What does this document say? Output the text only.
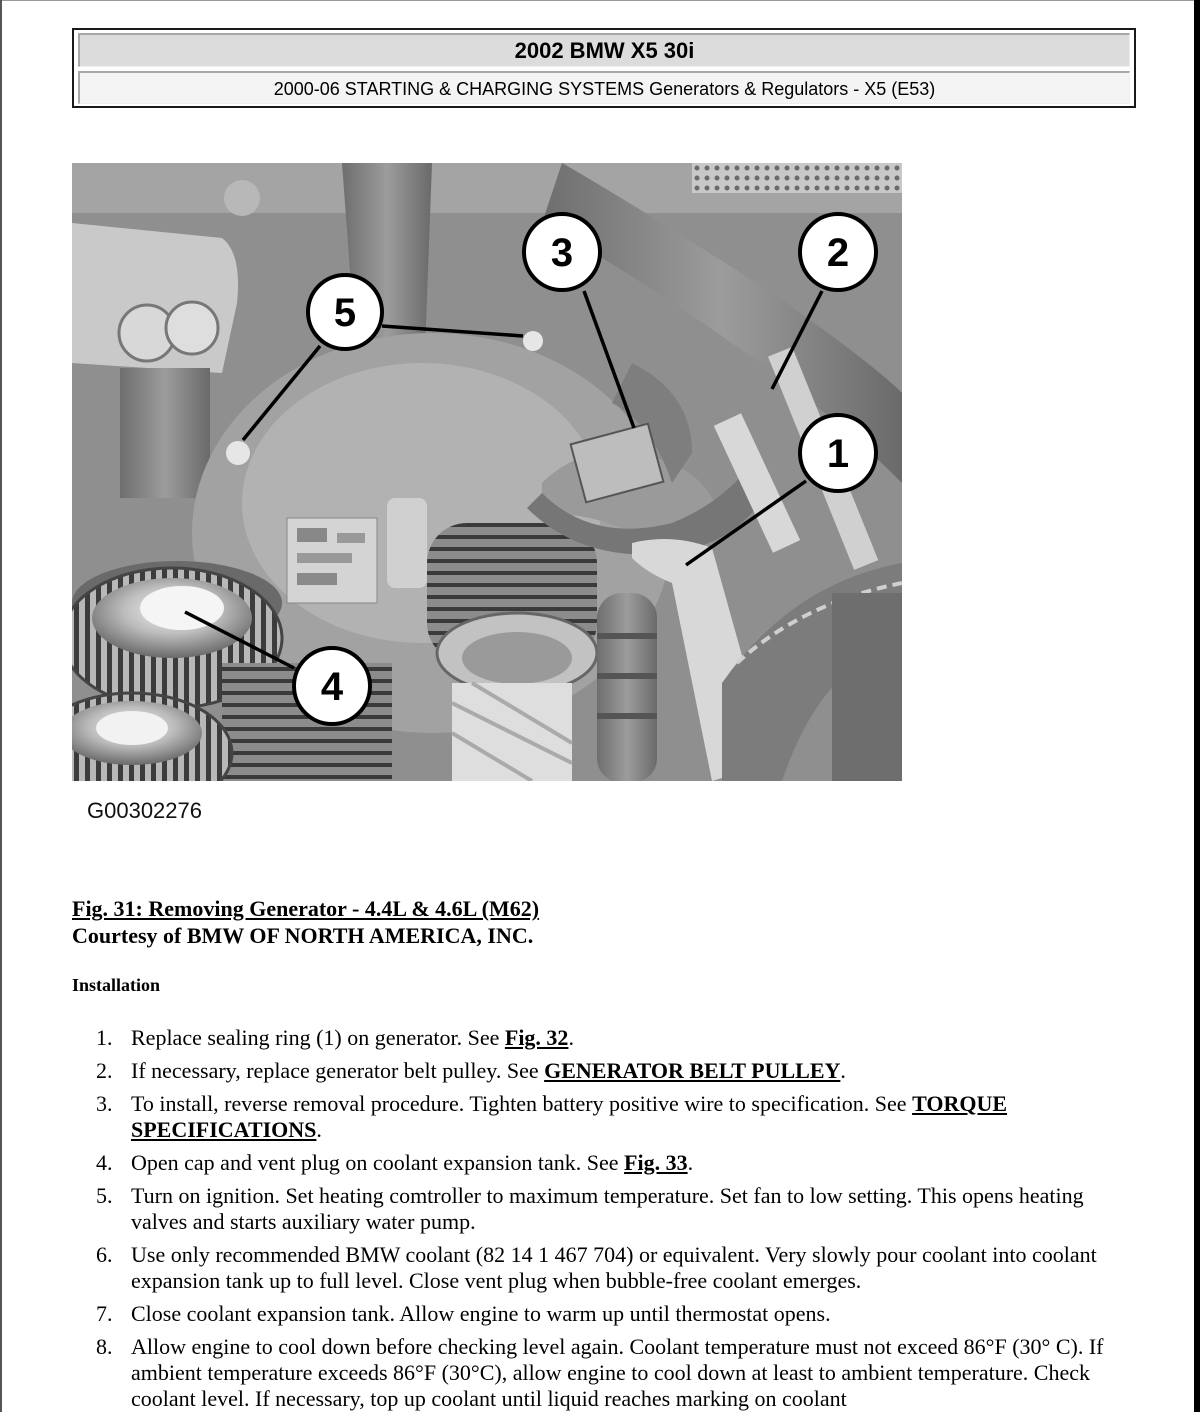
2002 BMW X5 30i
2000-06 STARTING & CHARGING SYSTEMS Generators & Regulators - X5 (E53)
5
3	2
1
4
G00302276
Fig. 31: Removing Generator - 4.4L & 4.6L (M62)
Courtesy of BMW OF NORTH AMERICA, INC.
Installation
1. Replace sealing ring (1) on generator. See Fig. 32.
2. If necessary, replace generator belt pulley. See GENERATOR BELT PULLEY.
3. To install, reverse removal procedure. Tighten battery positive wire to specification. See TORQUE SPECIFICATIONS.
4. Open cap and vent plug on coolant expansion tank. See Fig. 33.
5. Turn on ignition. Set heating comtroller to maximum temperature. Set fan to low setting. This opens heating valves and starts auxiliary water pump.
6. Use only recommended BMW coolant (82 14 1 467 704) or equivalent. Very slowly pour coolant into coolant expansion tank up to full level. Close vent plug when bubble-free coolant emerges.
7. Close coolant expansion tank. Allow engine to warm up until thermostat opens.
8. Allow engine to cool down before checking level again. Coolant temperature must not exceed 86°F (30° C). If ambient temperature exceeds 86°F (30°C), allow engine to cool down at least to ambient temperature. Check coolant level. If necessary, top up coolant until liquid reaches marking on coolant
